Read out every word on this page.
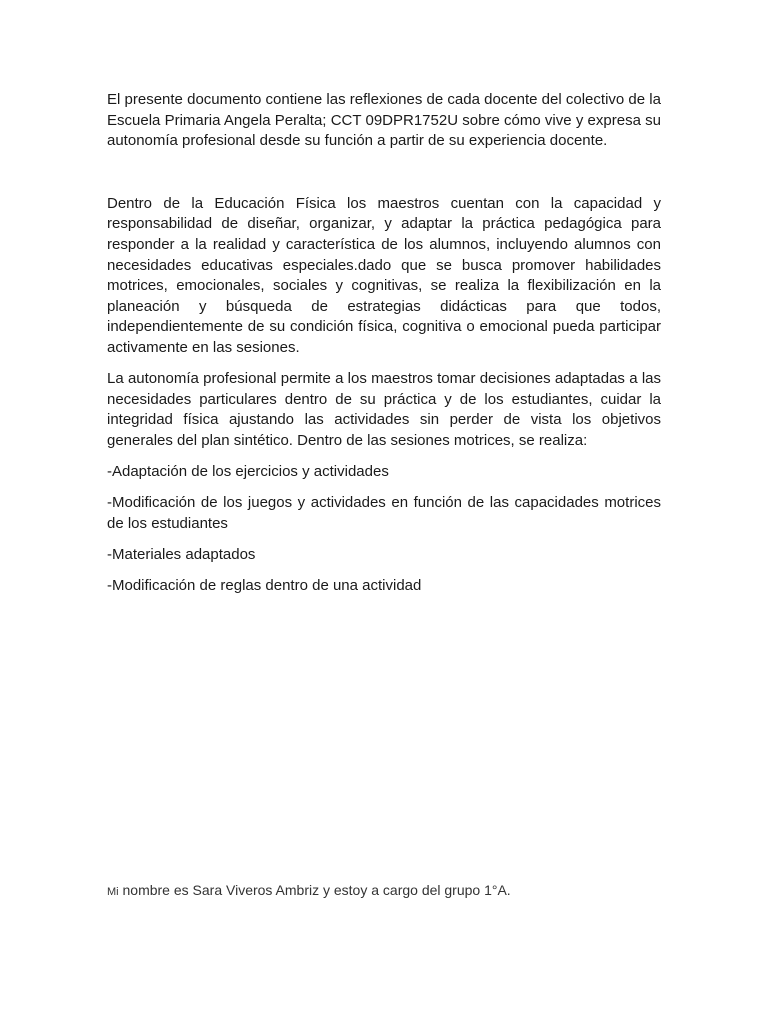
El presente documento contiene las reflexiones de cada docente del colectivo de la Escuela Primaria Angela Peralta; CCT 09DPR1752U sobre cómo vive y expresa su autonomía profesional desde su función a partir de su experiencia docente.

Dentro de la Educación Física los maestros cuentan con la capacidad y responsabilidad de diseñar, organizar, y adaptar la práctica pedagógica para responder a la realidad y característica de los alumnos, incluyendo alumnos con necesidades educativas especiales.dado que se busca promover habilidades motrices, emocionales, sociales y cognitivas, se realiza la flexibilización en la planeación y búsqueda de estrategias didácticas para que todos, independientemente de su condición física, cognitiva o emocional pueda participar activamente en las sesiones.

La autonomía profesional permite a los maestros tomar decisiones adaptadas a las necesidades particulares dentro de su práctica y de los estudiantes, cuidar la integridad física ajustando las actividades sin perder de vista los objetivos generales del plan sintético. Dentro de las sesiones motrices, se realiza:

-Adaptación de los ejercicios y actividades

-Modificación de los juegos y actividades en función de las capacidades motrices de los estudiantes

-Materiales adaptados

-Modificación de reglas dentro de una actividad

Mi nombre es Sara Viveros Ambriz y estoy a cargo del grupo 1°A.
